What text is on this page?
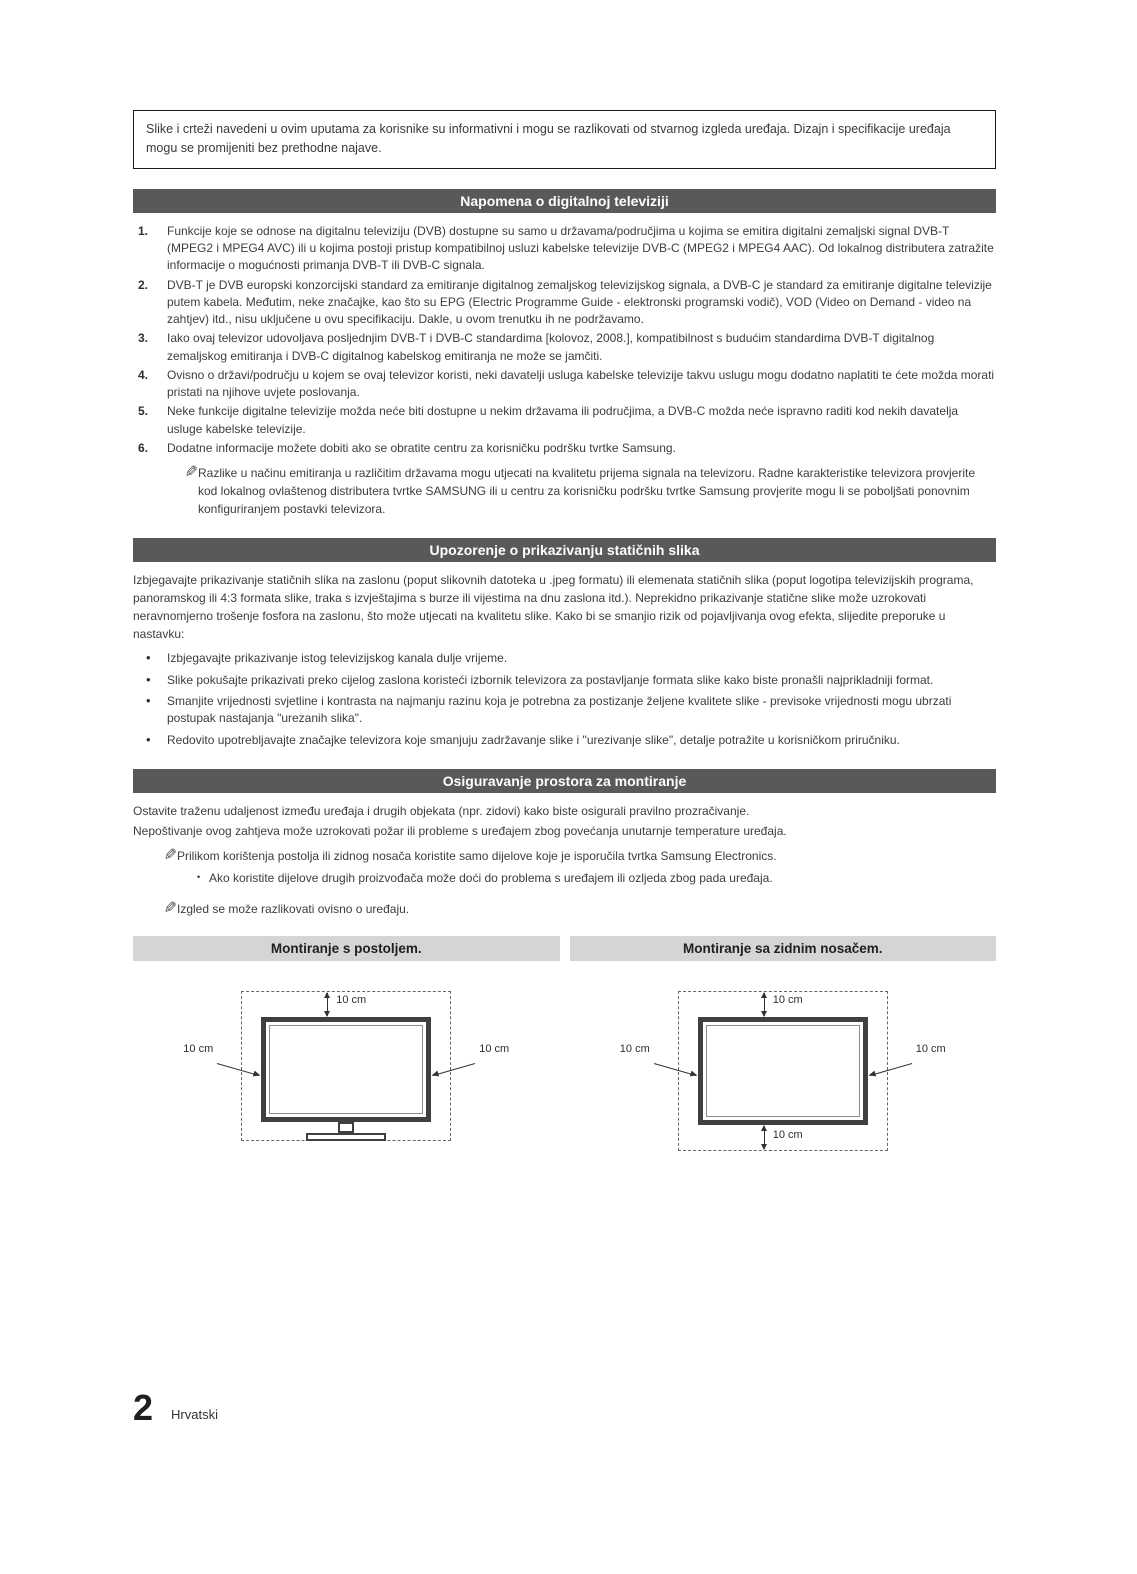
Slike i crteži navedeni u ovim uputama za korisnike su informativni i mogu se razlikovati od stvarnog izgleda uređaja. Dizajn i specifikacije uređaja mogu se promijeniti bez prethodne najave.
Napomena o digitalnoj televiziji
1.	Funkcije koje se odnose na digitalnu televiziju (DVB) dostupne su samo u državama/područjima u kojima se emitira digitalni zemaljski signal DVB-T (MPEG2 i MPEG4 AVC) ili u kojima postoji pristup kompatibilnoj usluzi kabelske televizije DVB-C (MPEG2 i MPEG4 AAC). Od lokalnog distributera zatražite informacije o mogućnosti primanja DVB-T ili DVB-C signala.
2.	DVB-T je DVB europski konzorcijski standard za emitiranje digitalnog zemaljskog televizijskog signala, a DVB-C je standard za emitiranje digitalne televizije putem kabela. Međutim, neke značajke, kao što su EPG (Electric Programme Guide - elektronski programski vodič), VOD (Video on Demand - video na zahtjev) itd., nisu uključene u ovu specifikaciju. Dakle, u ovom trenutku ih ne podržavamo.
3.	Iako ovaj televizor udovoljava posljednjim DVB-T i DVB-C standardima [kolovoz, 2008.], kompatibilnost s budućim standardima DVB-T digitalnog zemaljskog emitiranja i DVB-C digitalnog kabelskog emitiranja ne može se jamčiti.
4.	Ovisno o državi/području u kojem se ovaj televizor koristi, neki davatelji usluga kabelske televizije takvu uslugu mogu dodatno naplatiti te ćete možda morati pristati na njihove uvjete poslovanja.
5.	Neke funkcije digitalne televizije možda neće biti dostupne u nekim državama ili područjima, a DVB-C možda neće ispravno raditi kod nekih davatelja usluge kabelske televizije.
6.	Dodatne informacije možete dobiti ako se obratite centru za korisničku podršku tvrtke Samsung.
✎ Razlike u načinu emitiranja u različitim državama mogu utjecati na kvalitetu prijema signala na televizoru. Radne karakteristike televizora provjerite kod lokalnog ovlaštenog distributera tvrtke SAMSUNG ili u centru za korisničku podršku tvrtke Samsung provjerite mogu li se poboljšati ponovnim konfiguriranjem postavki televizora.
Upozorenje o prikazivanju statičnih slika

Izbjegavajte prikazivanje statičnih slika na zaslonu (poput slikovnih datoteka u .jpeg formatu) ili elemenata statičnih slika (poput logotipa televizijskih programa, panoramskog ili 4:3 formata slike, traka s izvještajima s burze ili vijestima na dnu zaslona itd.). Neprekidno prikazivanje statične slike može uzrokovati neravnomjerno trošenje fosfora na zaslonu, što može utjecati na kvalitetu slike. Kako bi se smanjio rizik od pojavljivanja ovog efekta, slijedite preporuke u nastavku:

• Izbjegavajte prikazivanje istog televizijskog kanala dulje vrijeme.
• Slike pokušajte prikazivati preko cijelog zaslona koristeći izbornik televizora za postavljanje formata slike kako biste pronašli najprikladniji format.
• Smanjite vrijednosti svjetline i kontrasta na najmanju razinu koja je potrebna za postizanje željene kvalitete slike - previsoke vrijednosti mogu ubrzati postupak nastajanja "urezanih slika".
• Redovito upotrebljavajte značajke televizora koje smanjuju zadržavanje slike i "urezivanje slike", detalje potražite u korisničkom priručniku.
Osiguravanje prostora za montiranje

Ostavite traženu udaljenost između uređaja i drugih objekata (npr. zidovi) kako biste osigurali pravilno prozračivanje.

Nepoštivanje ovog zahtjeva može uzrokovati požar ili probleme s uređajem zbog povećanja unutarnje temperature uređaja.

✎ Prilikom korištenja postolja ili zidnog nosača koristite samo dijelove koje je isporučila tvrtka Samsung Electronics.
• Ako koristite dijelove drugih proizvođača može doći do problema s uređajem ili ozljeda zbog pada uređaja.
✎ Izgled se može razlikovati ovisno o uređaju.
Montiranje s postoljem.
10 cm
10 cm	10 cm
Montiranje sa zidnim nosačem.
10 cm
10 cm	10 cm
10 cm
2 Hrvatski
